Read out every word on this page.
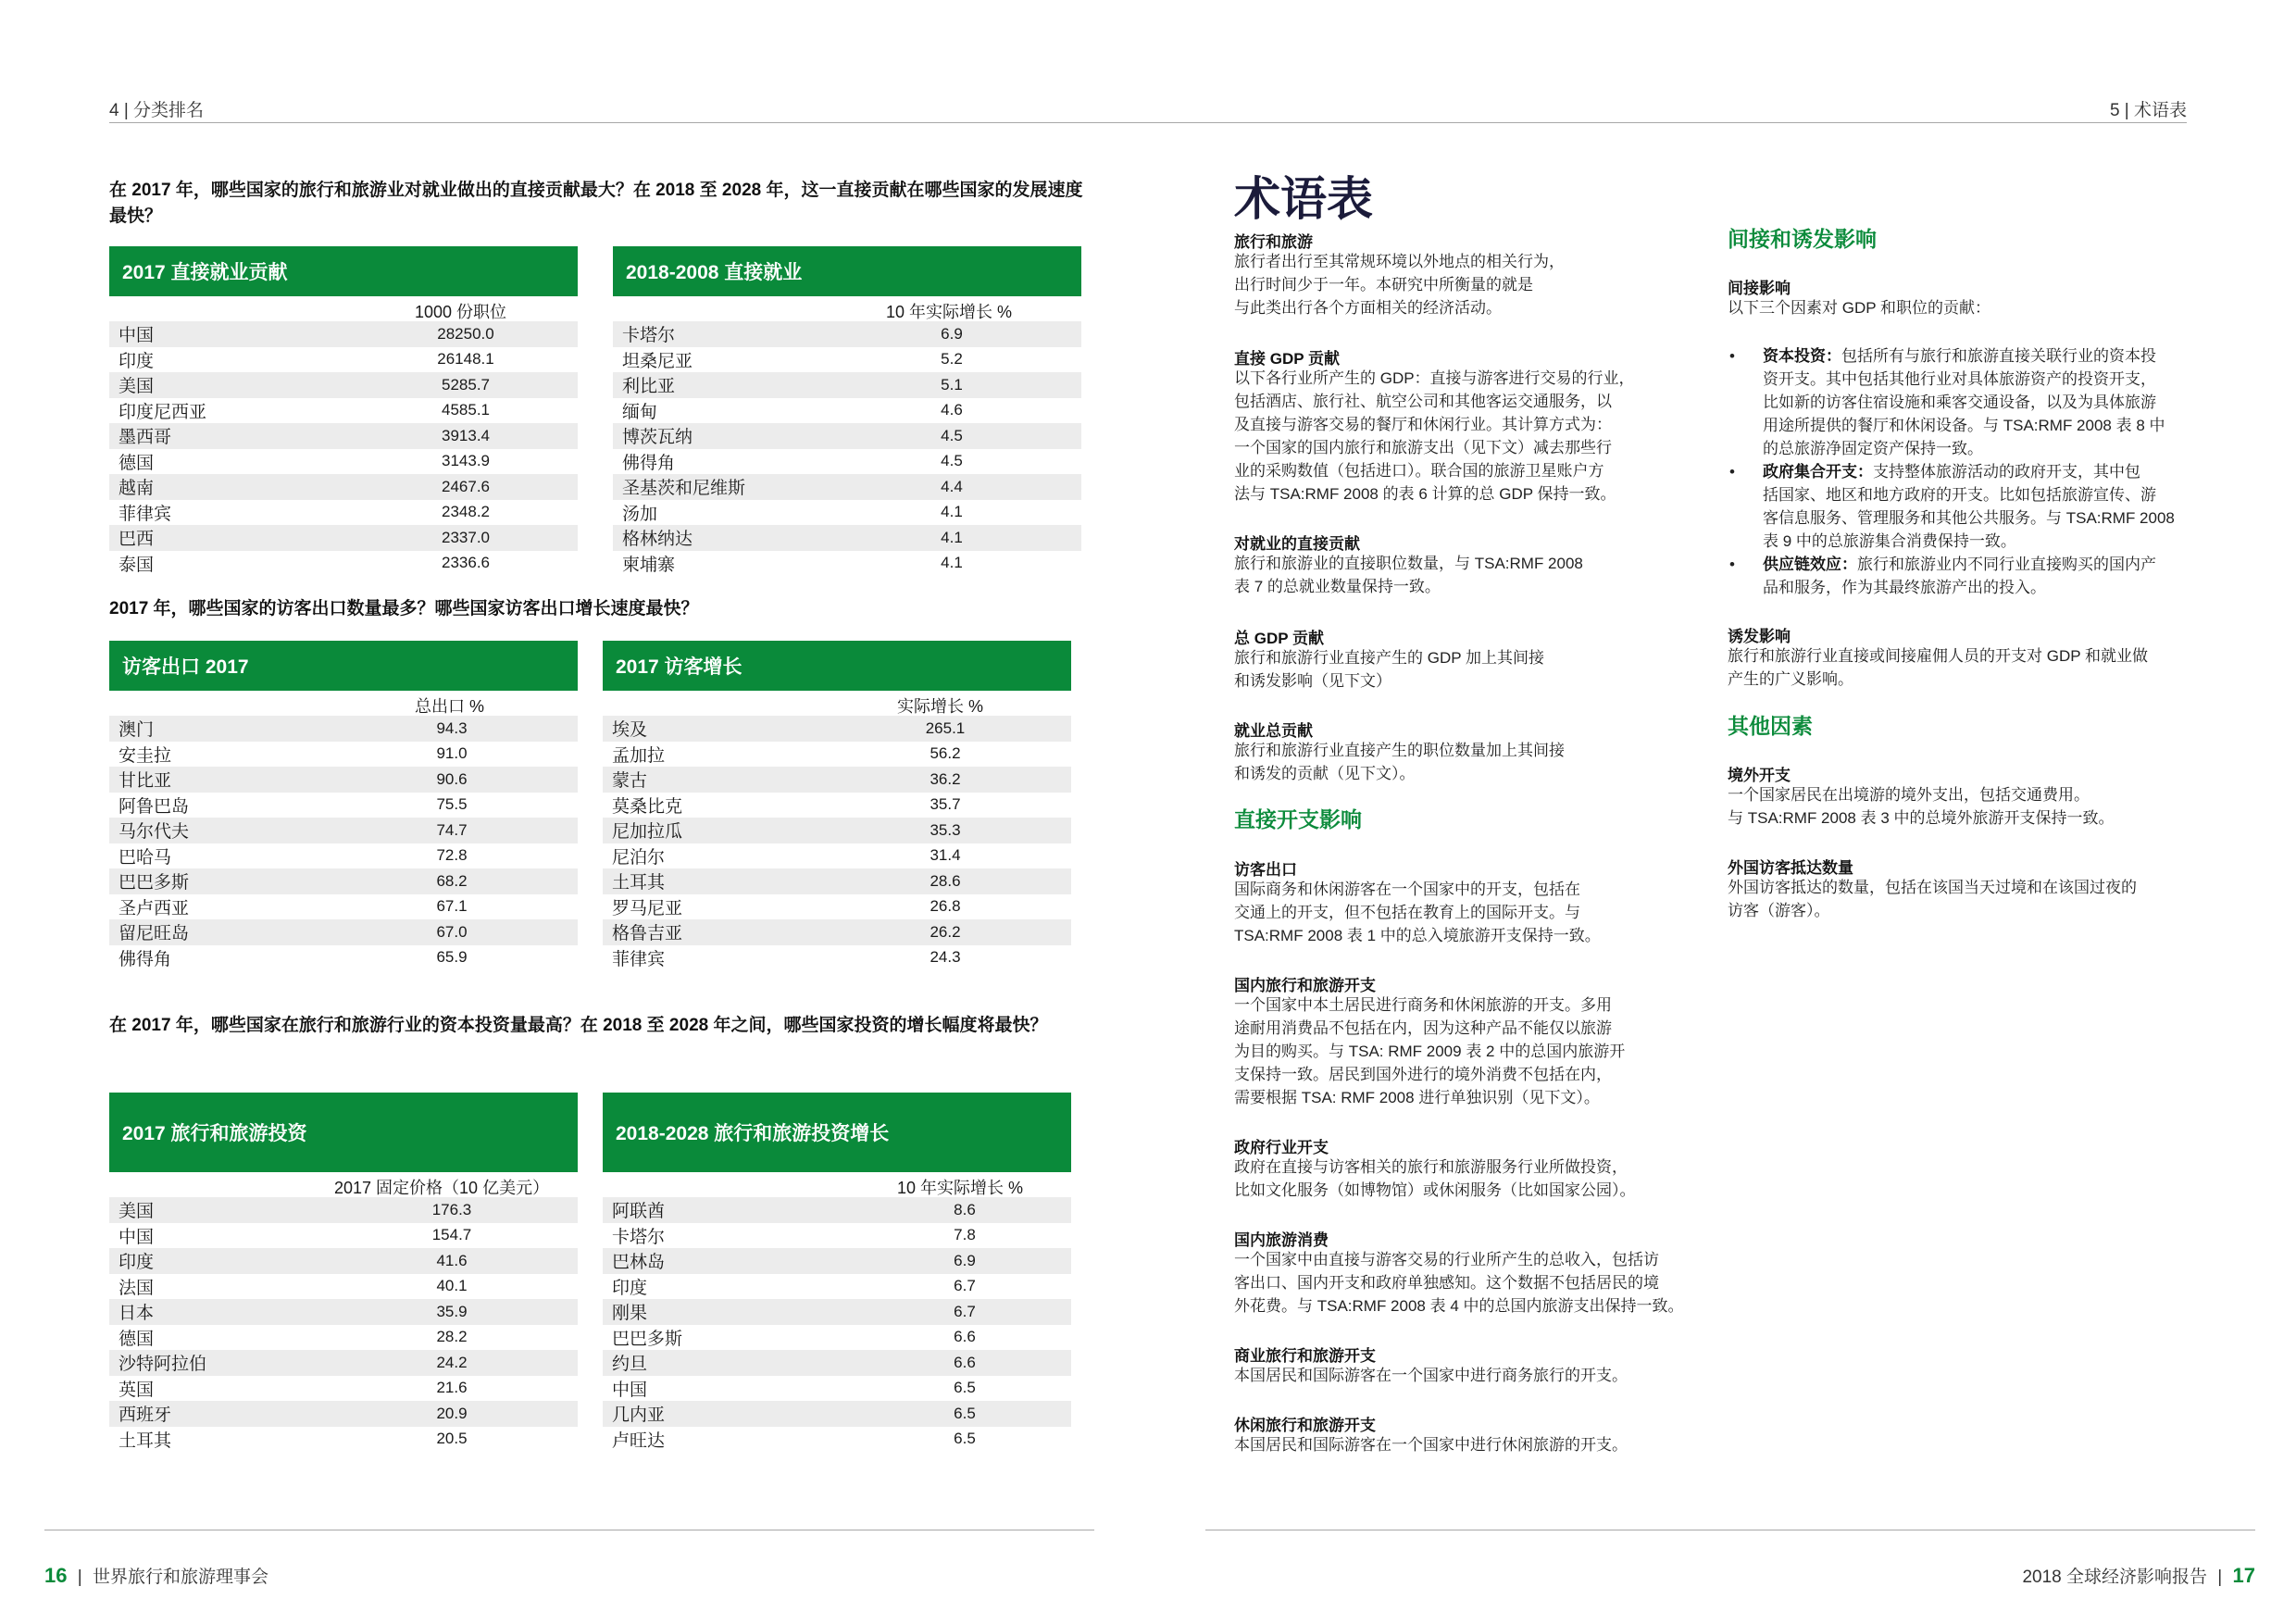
4 | 分类排名	5 | 术语表
在 2017 年，哪些国家的旅行和旅游业对就业做出的直接贡献最大？在 2018 至 2028 年，这一直接贡献在哪些国家的发展速度最快？
2017 年，哪些国家的访客出口数量最多？哪些国家访客出口增长速度最快？
在 2017 年，哪些国家在旅行和旅游行业的资本投资量最高？在 2018 至 2028 年之间，哪些国家投资的增长幅度将最快？
2017 直接就业贡献
1000 份职位
中国	28250.0
印度	26148.1
美国	5285.7
印度尼西亚	4585.1
墨西哥	3913.4
德国	3143.9
越南	2467.6
菲律宾	2348.2
巴西	2337.0
泰国	2336.6
2018-2008 直接就业
10 年实际增长 %
卡塔尔	6.9
坦桑尼亚	5.2
利比亚	5.1
缅甸	4.6
博茨瓦纳	4.5
佛得角	4.5
圣基茨和尼维斯	4.4
汤加	4.1
格林纳达	4.1
柬埔寨	4.1
访客出口 2017
总出口 %
澳门	94.3
安圭拉	91.0
甘比亚	90.6
阿鲁巴岛	75.5
马尔代夫	74.7
巴哈马	72.8
巴巴多斯	68.2
圣卢西亚	67.1
留尼旺岛	67.0
佛得角	65.9
2017 访客增长
实际增长 %
埃及	265.1
孟加拉	56.2
蒙古	36.2
莫桑比克	35.7
尼加拉瓜	35.3
尼泊尔	31.4
土耳其	28.6
罗马尼亚	26.8
格鲁吉亚	26.2
菲律宾	24.3
2017 旅行和旅游投资
2017 固定价格（10 亿美元）
美国	176.3
中国	154.7
印度	41.6
法国	40.1
日本	35.9
德国	28.2
沙特阿拉伯	24.2
英国	21.6
西班牙	20.9
土耳其	20.5
2018-2028 旅行和旅游投资增长
10 年实际增长 %
阿联酋	8.6
卡塔尔	7.8
巴林岛	6.9
印度	6.7
刚果	6.7
巴巴多斯	6.6
约旦	6.6
中国	6.5
几内亚	6.5
卢旺达	6.5
术语表
旅行和旅游
旅行者出行至其常规环境以外地点的相关行为，
出行时间少于一年。本研究中所衡量的就是
与此类出行各个方面相关的经济活动。
直接 GDP 贡献
以下各行业所产生的 GDP：直接与游客进行交易的行业，
包括酒店、旅行社、航空公司和其他客运交通服务，以
及直接与游客交易的餐厅和休闲行业。其计算方式为：
一个国家的国内旅行和旅游支出（见下文）减去那些行
业的采购数值（包括进口）。联合国的旅游卫星账户方
法与 TSA:RMF 2008 的表 6 计算的总 GDP 保持一致。
对就业的直接贡献
旅行和旅游业的直接职位数量，与 TSA:RMF 2008
表 7 的总就业数量保持一致。
总 GDP 贡献
旅行和旅游行业直接产生的 GDP 加上其间接
和诱发影响（见下文）
就业总贡献
旅行和旅游行业直接产生的职位数量加上其间接
和诱发的贡献（见下文）。
直接开支影响
访客出口
国际商务和休闲游客在一个国家中的开支，包括在
交通上的开支，但不包括在教育上的国际开支。与
TSA:RMF 2008 表 1 中的总入境旅游开支保持一致。
国内旅行和旅游开支
一个国家中本土居民进行商务和休闲旅游的开支。多用
途耐用消费品不包括在内，因为这种产品不能仅以旅游
为目的购买。与 TSA: RMF 2009 表 2 中的总国内旅游开
支保持一致。居民到国外进行的境外消费不包括在内，
需要根据 TSA: RMF 2008 进行单独识别（见下文）。
政府行业开支
政府在直接与访客相关的旅行和旅游服务行业所做投资，
比如文化服务（如博物馆）或休闲服务（比如国家公园）。
国内旅游消费
一个国家中由直接与游客交易的行业所产生的总收入，包括访
客出口、国内开支和政府单独感知。这个数据不包括居民的境
外花费。与 TSA:RMF 2008 表 4 中的总国内旅游支出保持一致。
商业旅行和旅游开支
本国居民和国际游客在一个国家中进行商务旅行的开支。
休闲旅行和旅游开支
本国居民和国际游客在一个国家中进行休闲旅游的开支。
间接和诱发影响
间接影响
以下三个因素对 GDP 和职位的贡献：
• 资本投资：包括所有与旅行和旅游直接关联行业的资本投
资开支。其中包括其他行业对具体旅游资产的投资开支，
比如新的访客住宿设施和乘客交通设备，以及为具体旅游
用途所提供的餐厅和休闲设备。与 TSA:RMF 2008 表 8 中
的总旅游净固定资产保持一致。
• 政府集合开支：支持整体旅游活动的政府开支，其中包
括国家、地区和地方政府的开支。比如包括旅游宣传、游
客信息服务、管理服务和其他公共服务。与 TSA:RMF 2008
表 9 中的总旅游集合消费保持一致。
• 供应链效应：旅行和旅游业内不同行业直接购买的国内产
品和服务，作为其最终旅游产出的投入。
诱发影响
旅行和旅游行业直接或间接雇佣人员的开支对 GDP 和就业做
产生的广义影响。
其他因素
境外开支
一个国家居民在出境游的境外支出，包括交通费用。
与 TSA:RMF 2008 表 3 中的总境外旅游开支保持一致。
外国访客抵达数量
外国访客抵达的数量，包括在该国当天过境和在该国过夜的
访客（游客）。
16 | 世界旅行和旅游理事会	2018 全球经济影响报告 | 17
